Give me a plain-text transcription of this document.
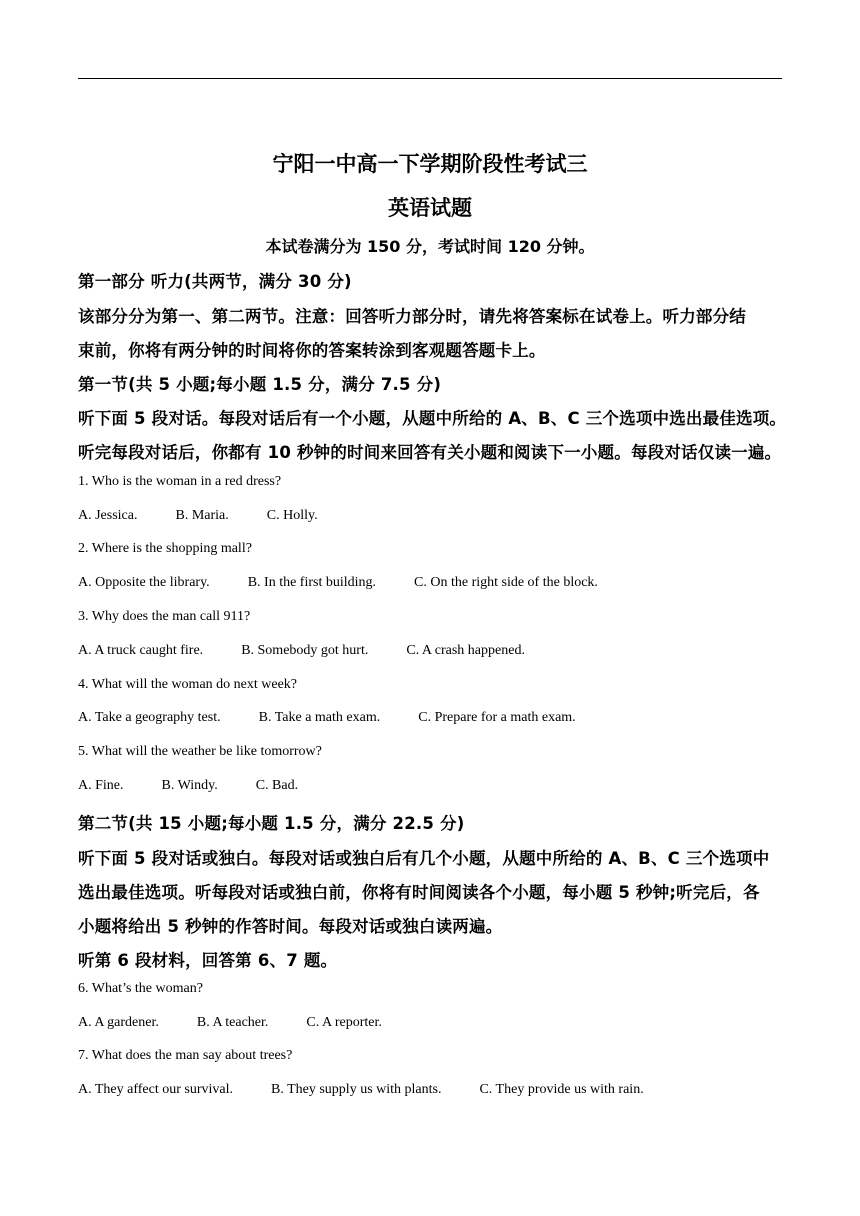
宁阳一中高一下学期阶段性考试三
英语试题
本试卷满分为 150 分，考试时间 120 分钟。
第一部分 听力(共两节，满分 30 分)
该部分分为第一、第二两节。注意：回答听力部分时，请先将答案标在试卷上。听力部分结
束前，你将有两分钟的时间将你的答案转涂到客观题答题卡上。
第一节(共 5 小题;每小题 1.5 分，满分 7.5 分)
听下面 5 段对话。每段对话后有一个小题，从题中所给的 A、B、C 三个选项中选出最佳选项。
听完每段对话后，你都有 10 秒钟的时间来回答有关小题和阅读下一小题。每段对话仅读一遍。
1. Who is the woman in a red dress?
A. Jessica.	B. Maria.	C. Holly.
2. Where is the shopping mall?
A. Opposite the library.	B. In the first building.	C. On the right side of the block.
3. Why does the man call 911?
A. A truck caught fire.	B. Somebody got hurt.	C. A crash happened.
4. What will the woman do next week?
A. Take a geography test.	B. Take a math exam.	C. Prepare for a math exam.
5. What will the weather be like tomorrow?
A. Fine.	B. Windy.	C. Bad.
第二节(共 15 小题;每小题 1.5 分，满分 22.5 分)
听下面 5 段对话或独白。每段对话或独白后有几个小题，从题中所给的 A、B、C 三个选项中
选出最佳选项。听每段对话或独白前，你将有时间阅读各个小题，每小题 5 秒钟;听完后，各
小题将给出 5 秒钟的作答时间。每段对话或独白读两遍。
听第 6 段材料，回答第 6、7 题。
6. What’s the woman?
A. A gardener.	B. A teacher.	C. A reporter.
7. What does the man say about trees?
A. They affect our survival.	B. They supply us with plants.	C. They provide us with rain.
